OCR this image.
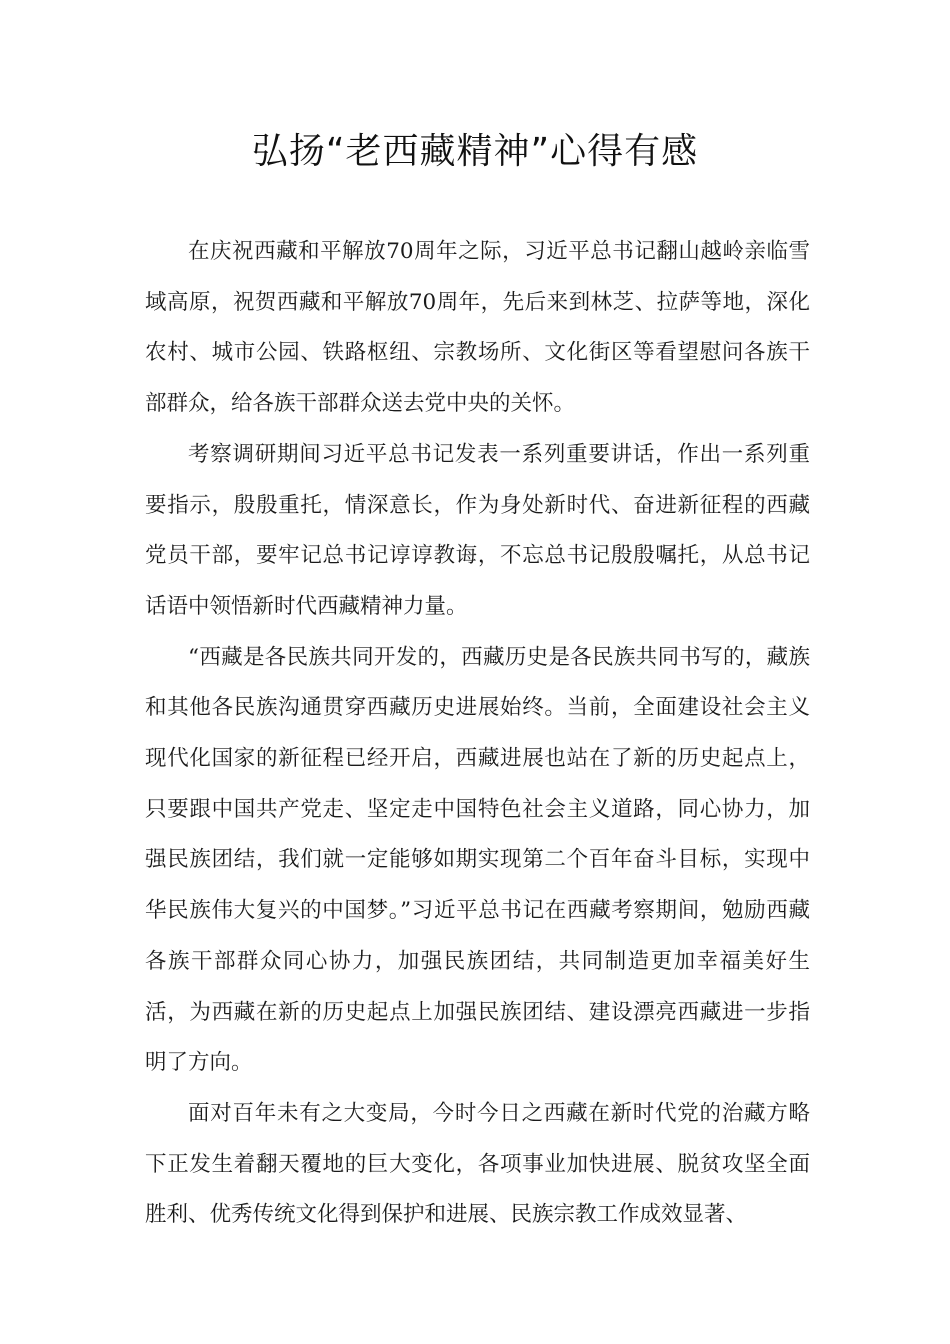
弘扬“老西藏精神”心得有感

在庆祝西藏和平解放70周年之际，习近平总书记翻山越岭亲临雪域高原，祝贺西藏和平解放70周年，先后来到林芝、拉萨等地，深化农村、城市公园、铁路枢纽、宗教场所、文化街区等看望慰问各族干部群众，给各族干部群众送去党中央的关怀。

考察调研期间习近平总书记发表一系列重要讲话，作出一系列重要指示，殷殷重托，情深意长，作为身处新时代、奋进新征程的西藏党员干部，要牢记总书记谆谆教诲，不忘总书记殷殷嘱托，从总书记话语中领悟新时代西藏精神力量。

“西藏是各民族共同开发的，西藏历史是各民族共同书写的，藏族和其他各民族沟通贯穿西藏历史进展始终。当前，全面建设社会主义现代化国家的新征程已经开启，西藏进展也站在了新的历史起点上，只要跟中国共产党走、坚定走中国特色社会主义道路，同心协力，加强民族团结，我们就一定能够如期实现第二个百年奋斗目标，实现中华民族伟大复兴的中国梦。”习近平总书记在西藏考察期间，勉励西藏各族干部群众同心协力，加强民族团结，共同制造更加幸福美好生活，为西藏在新的历史起点上加强民族团结、建设漂亮西藏进一步指明了方向。

面对百年未有之大变局，今时今日之西藏在新时代党的治藏方略下正发生着翻天覆地的巨大变化，各项事业加快进展、脱贫攻坚全面胜利、优秀传统文化得到保护和进展、民族宗教工作成效显著、
